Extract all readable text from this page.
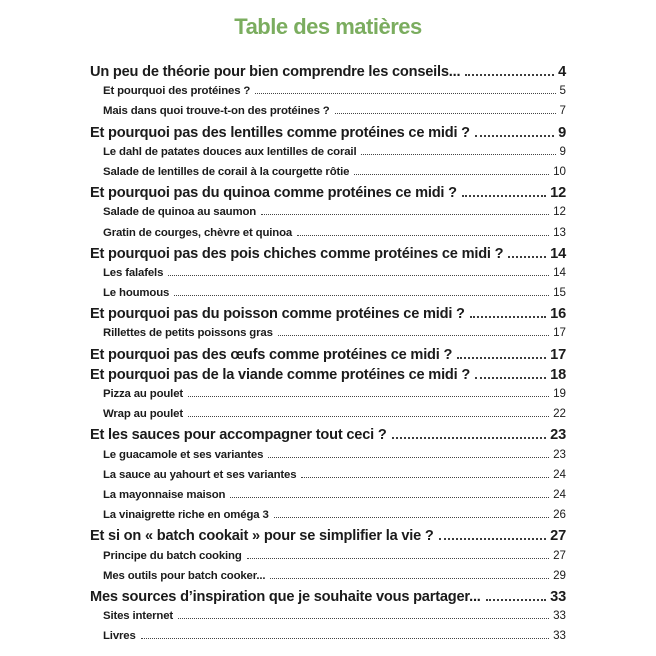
Table des matières
Un peu de théorie pour bien comprendre les conseils...	4
Et pourquoi des protéines ?	5
Mais dans quoi trouve-t-on des protéines ?	7
Et pourquoi pas des lentilles comme protéines ce midi ?	9
Le dahl de patates douces aux lentilles de corail	9
Salade de lentilles de corail à la courgette rôtie	10
Et pourquoi pas du quinoa comme protéines ce midi ?	12
Salade de quinoa au saumon	12
Gratin de courges, chèvre et quinoa	13
Et pourquoi pas des pois chiches comme protéines ce midi ?	14
Les falafels	14
Le houmous	15
Et pourquoi pas du poisson comme protéines ce midi ?	16
Rillettes de petits poissons gras	17
Et pourquoi pas des œufs comme protéines ce midi ?	17
Et pourquoi pas de la viande comme protéines ce midi ?	18
Pizza au poulet	19
Wrap au poulet	22
Et les sauces pour accompagner tout ceci ?	23
Le guacamole et ses variantes	23
La sauce au yahourt et ses variantes	24
La mayonnaise maison	24
La vinaigrette riche en oméga 3	26
Et si on « batch cookait » pour se simplifier la vie ?	27
Principe du batch cooking	27
Mes outils pour batch cooker...	29
Mes sources d’inspiration que je souhaite vous partager...	33
Sites internet	33
Livres	33
